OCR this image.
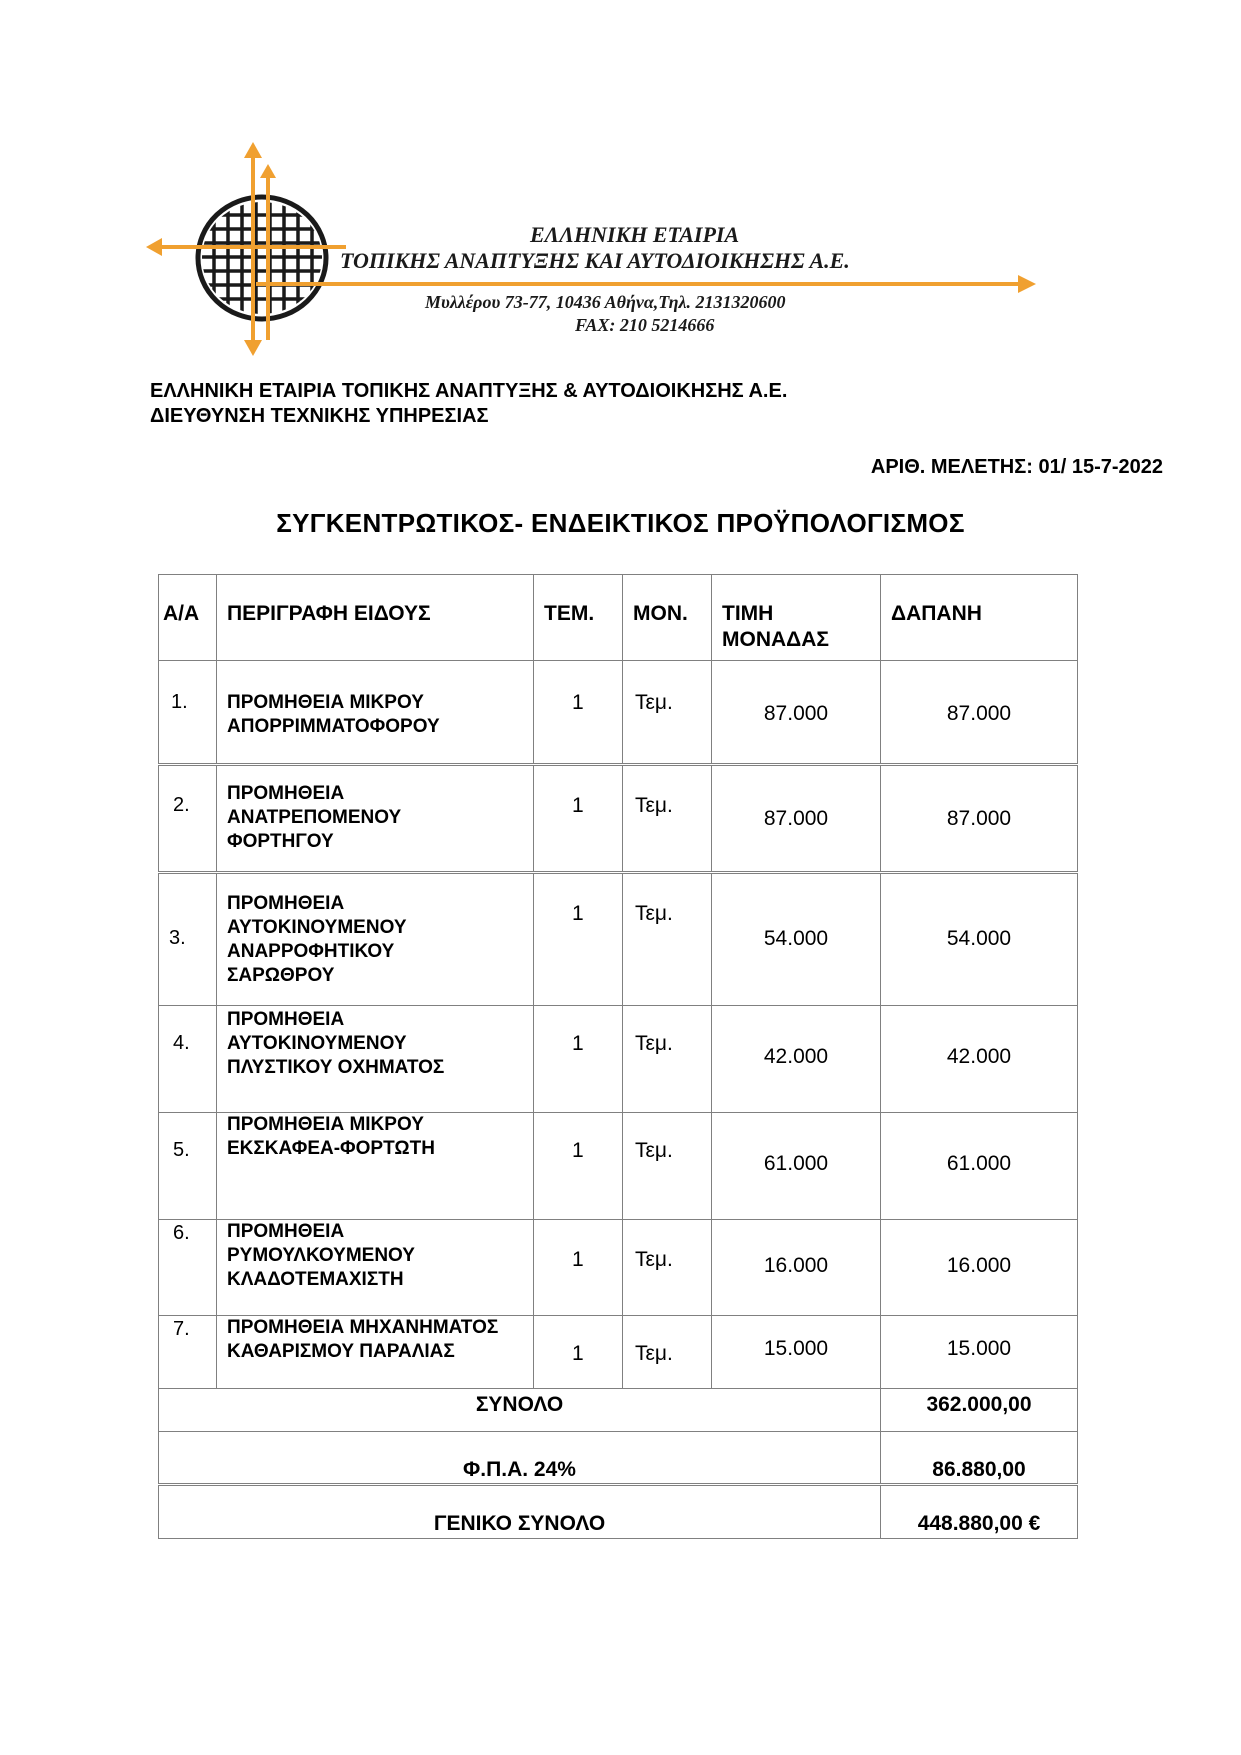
ΕΛΛΗΝΙΚΗ ΕΤΑΙΡΙΑ
ΤΟΠΙΚΗΣ ΑΝΑΠΤΥΞΗΣ ΚΑΙ ΑΥΤΟΔΙΟΙΚΗΣΗΣ Α.Ε.
Μυλλέρου 73-77, 10436 Αθήνα,Τηλ. 2131320600
FAX: 210 5214666
ΕΛΛΗΝΙΚΗ ΕΤΑΙΡΙΑ ΤΟΠΙΚΗΣ ΑΝΑΠΤΥΞΗΣ & ΑΥΤΟΔΙΟΙΚΗΣΗΣ Α.Ε.
ΔΙΕΥΘΥΝΣΗ ΤΕΧΝΙΚΗΣ ΥΠΗΡΕΣΙΑΣ
ΑΡΙΘ. ΜΕΛΕΤΗΣ: 01/ 15-7-2022
ΣΥΓΚΕΝΤΡΩΤΙΚΟΣ- ΕΝΔΕΙΚΤΙΚΟΣ ΠΡΟΫΠΟΛΟΓΙΣΜΟΣ
Α/Α	ΠΕΡΙΓΡΑΦΗ ΕΙΔΟΥΣ	ΤΕΜ.	ΜΟΝ.	ΤΙΜΗ ΜΟΝΑΔΑΣ	ΔΑΠΑΝΗ

1.	ΠΡΟΜΗΘΕΙΑ ΜΙΚΡΟΥ ΑΠΟΡΡΙΜΜΑΤΟΦΟΡΟΥ	1	Τεμ.	87.000	87.000

2.	ΠΡΟΜΗΘΕΙΑ ΑΝΑΤΡΕΠΟΜΕΝΟΥ ΦΟΡΤΗΓΟΥ	1	Τεμ.	87.000	87.000

3.	ΠΡΟΜΗΘΕΙΑ ΑΥΤΟΚΙΝΟΥΜΕΝΟΥ ΑΝΑΡΡΟΦΗΤΙΚΟΥ ΣΑΡΩΘΡΟΥ	1	Τεμ.	54.000	54.000

4.	ΠΡΟΜΗΘΕΙΑ ΑΥΤΟΚΙΝΟΥΜΕΝΟΥ ΠΛΥΣΤΙΚΟΥ ΟΧΗΜΑΤΟΣ	1	Τεμ.	42.000	42.000

5.	ΠΡΟΜΗΘΕΙΑ ΜΙΚΡΟΥ ΕΚΣΚΑΦΕΑ-ΦΟΡΤΩΤΗ	1	Τεμ.	61.000	61.000

6.	ΠΡΟΜΗΘΕΙΑ ΡΥΜΟΥΛΚΟΥΜΕΝΟΥ ΚΛΑΔΟΤΕΜΑΧΙΣΤΗ	1	Τεμ.	16.000	16.000

7.	ΠΡΟΜΗΘΕΙΑ ΜΗΧΑΝΗΜΑΤΟΣ ΚΑΘΑΡΙΣΜΟΥ ΠΑΡΑΛΙΑΣ	1	Τεμ.	15.000	15.000

ΣΥΝΟΛΟ					362.000,00

Φ.Π.Α. 24%					86.880,00

ΓΕΝΙΚΟ ΣΥΝΟΛΟ					448.880,00 €
